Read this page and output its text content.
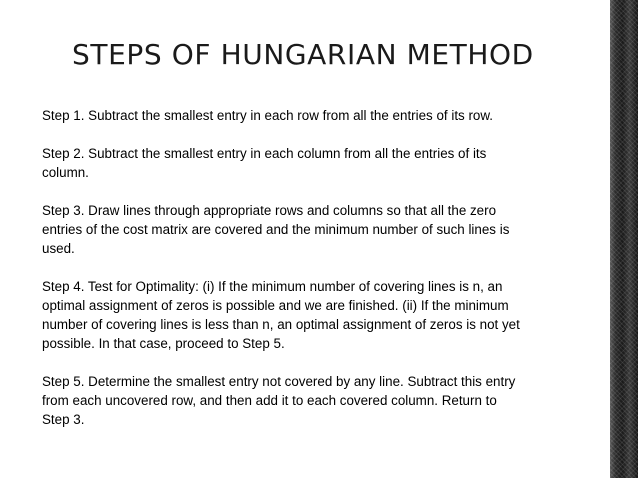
STEPS OF HUNGARIAN METHOD

Step 1. Subtract the smallest entry in each row from all the entries of its row.

Step 2. Subtract the smallest entry in each column from all the entries of its column.

Step 3. Draw lines through appropriate rows and columns so that all the zero entries of the cost matrix are covered and the minimum number of such lines is used.

Step 4. Test for Optimality: (i) If the minimum number of covering lines is n, an optimal assignment of zeros is possible and we are finished. (ii) If the minimum number of covering lines is less than n, an optimal assignment of zeros is not yet possible. In that case, proceed to Step 5.

Step 5. Determine the smallest entry not covered by any line. Subtract this entry from each uncovered row, and then add it to each covered column. Return to Step 3.
